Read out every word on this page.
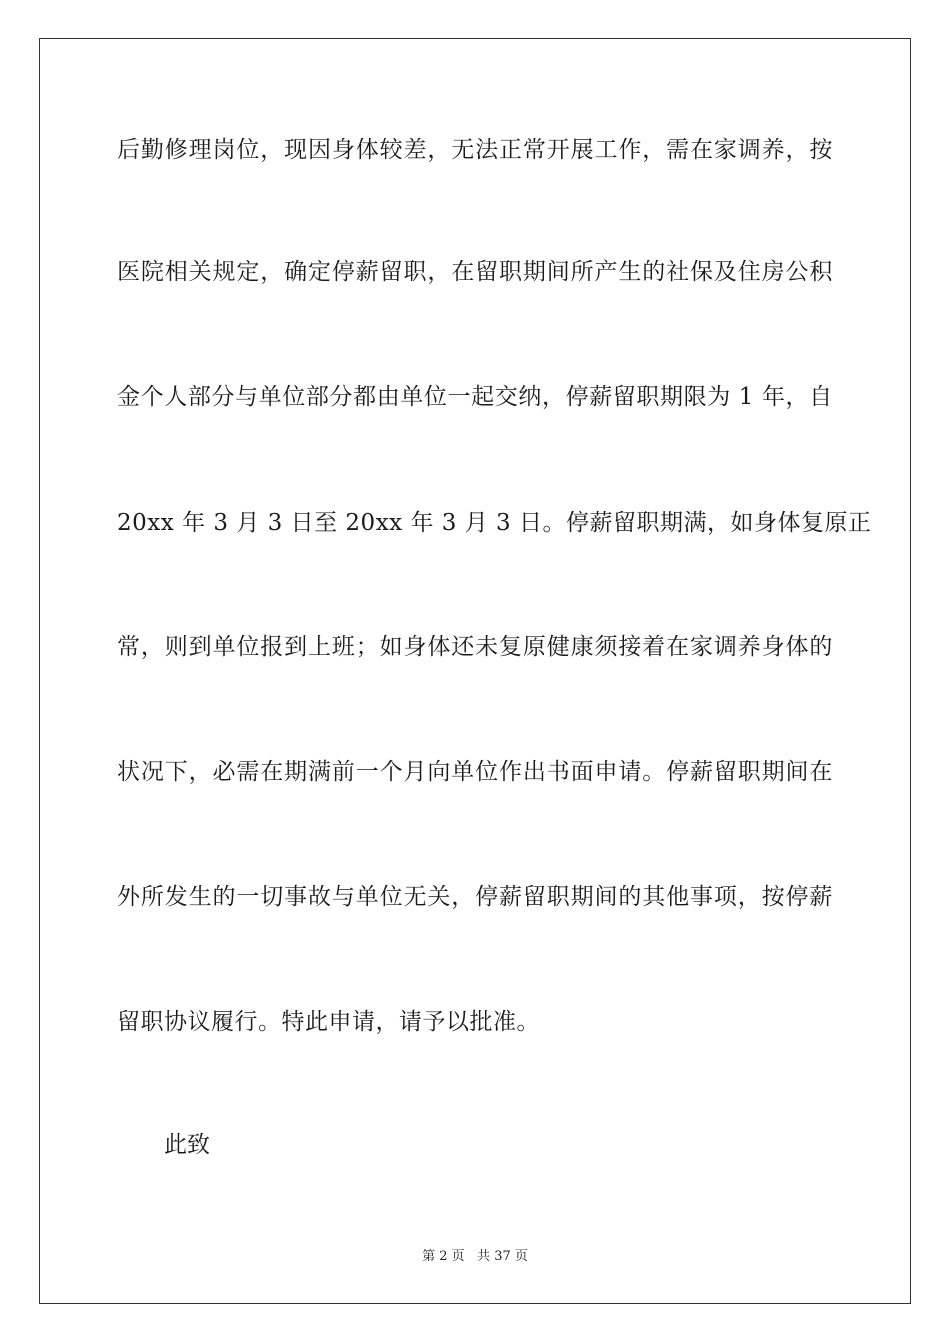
后 勤 修 理 岗 位 ， 现 因 身 体 较 差 ， 无 法 正 常 开 展 工 作 ， 需 在 家 调 养 ， 按
医 院 相 关 规 定 ， 确 定 停 薪 留 职 ， 在 留 职 期 间 所 产 生 的 社 保 及 住 房 公 积
金 个 人 部 分 与 单 位 部 分 都 由 单 位 一 起 交 纳 ， 停 薪 留 职 期 限 为
1
年 ， 自
2 0 x x
年
3
月
3
日 至
2 0 x x
年
3
月
3
日 。 停 薪 留 职 期 满 ， 如 身 体 复 原 正
常 ， 则 到 单 位 报 到 上 班 ； 如 身 体 还 未 复 原 健 康 须 接 着 在 家 调 养 身 体 的
状 况 下 ， 必 需 在 期 满 前 一 个 月 向 单 位 作 出 书 面 申 请 。 停 薪 留 职 期 间 在
外 所 发 生 的 一 切 事 故 与 单 位 无 关 ， 停 薪 留 职 期 间 的 其 他 事 项 ， 按 停 薪
留职协议履行。特此申请，请予以批准。
此致
第 2 页   共 37 页
